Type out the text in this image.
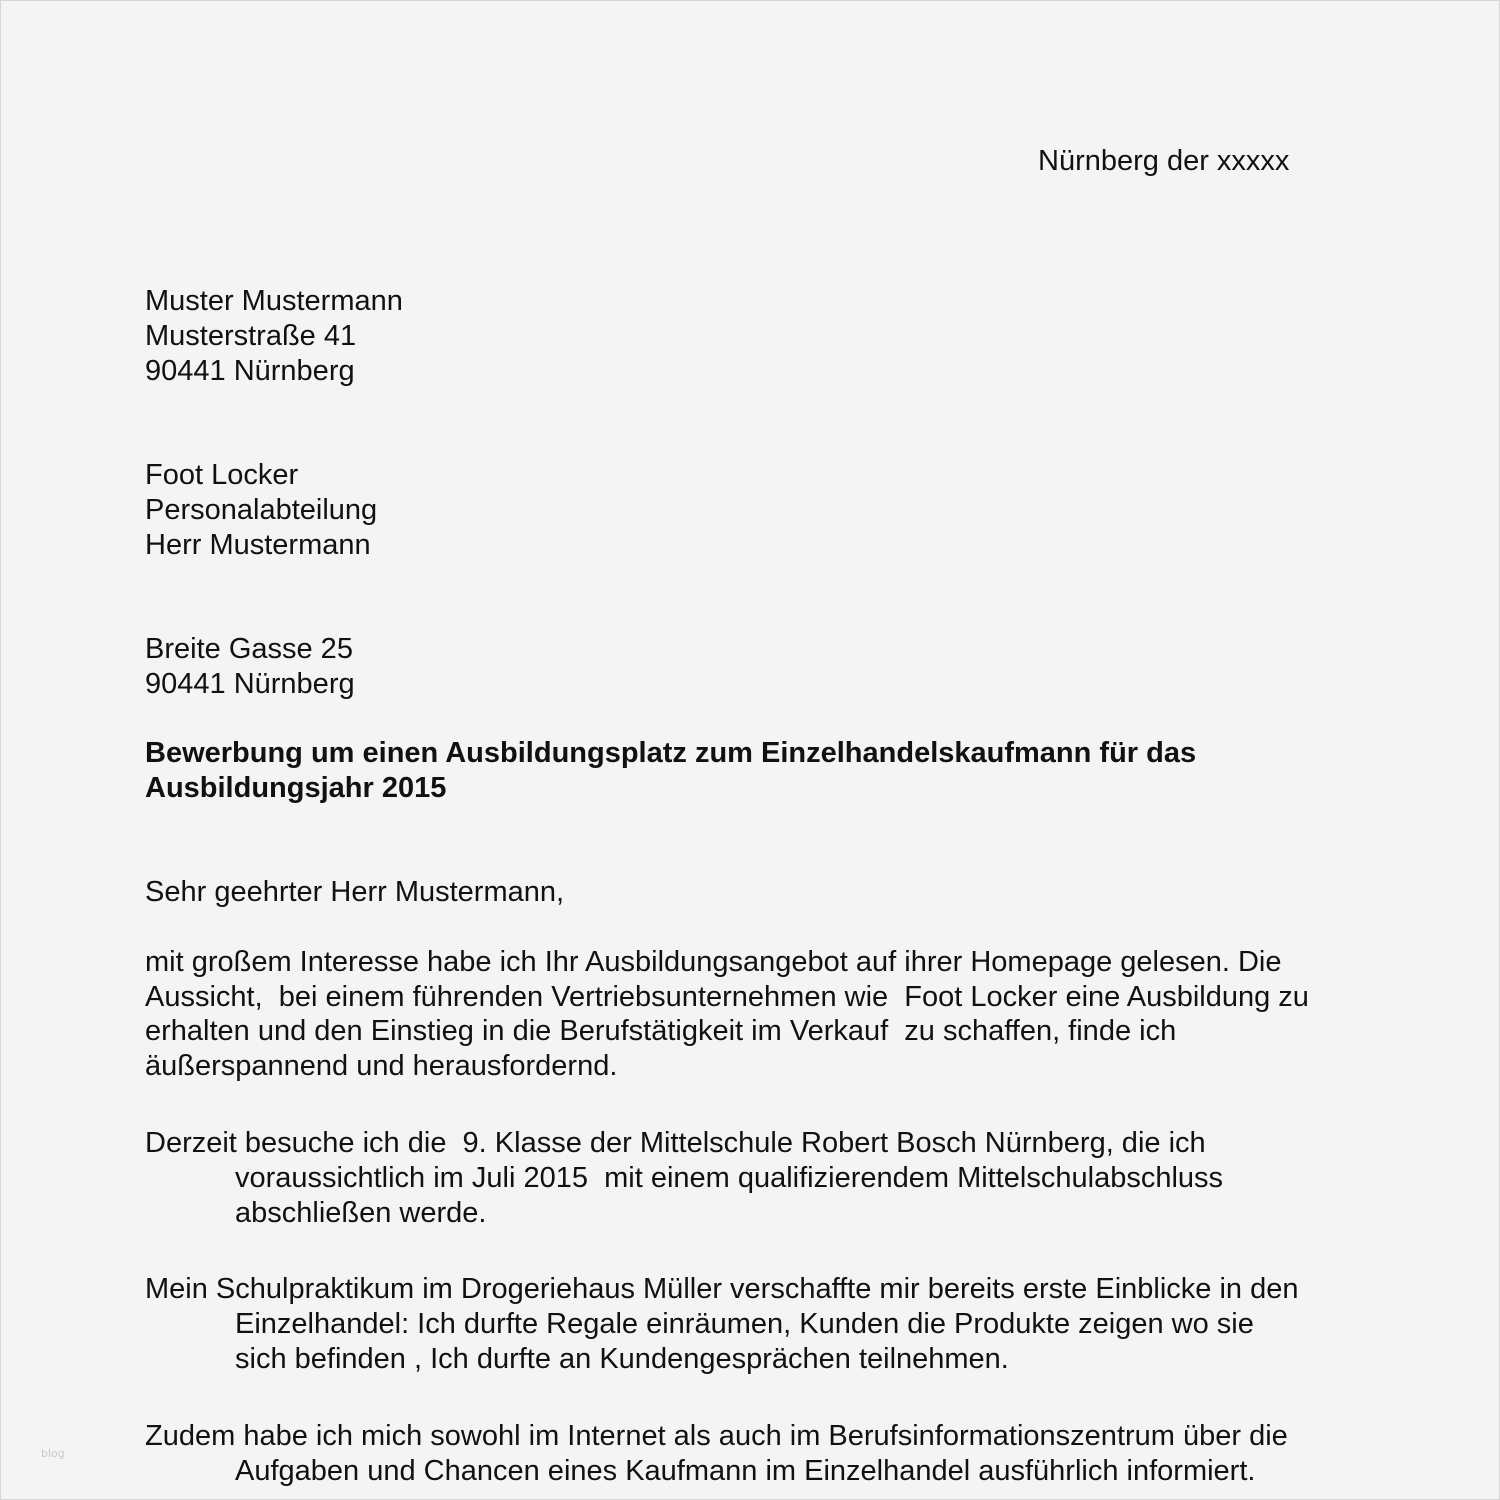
Nürnberg der xxxxx

Muster Mustermann

Musterstraße 41

90441 Nürnberg

Foot Locker

Personalabteilung

Herr Mustermann

Breite Gasse 25

90441 Nürnberg

Bewerbung um einen Ausbildungsplatz zum Einzelhandelskaufmann für das

Ausbildungsjahr 2015

Sehr geehrter Herr Mustermann,

mit großem Interesse habe ich Ihr Ausbildungsangebot auf ihrer Homepage gelesen. Die

Aussicht,  bei einem führenden Vertriebsunternehmen wie  Foot Locker eine Ausbildung zu

erhalten und den Einstieg in die Berufstätigkeit im Verkauf  zu schaffen, finde ich

äußerspannend und herausfordernd.

Derzeit besuche ich die  9. Klasse der Mittelschule Robert Bosch Nürnberg, die ich

voraussichtlich im Juli 2015  mit einem qualifizierendem Mittelschulabschluss

abschließen werde.

Mein Schulpraktikum im Drogeriehaus Müller verschaffte mir bereits erste Einblicke in den

Einzelhandel: Ich durfte Regale einräumen, Kunden die Produkte zeigen wo sie

sich befinden , Ich durfte an Kundengesprächen teilnehmen.

Zudem habe ich mich sowohl im Internet als auch im Berufsinformationszentrum über die

Aufgaben und Chancen eines Kaufmann im Einzelhandel ausführlich informiert.

blog
